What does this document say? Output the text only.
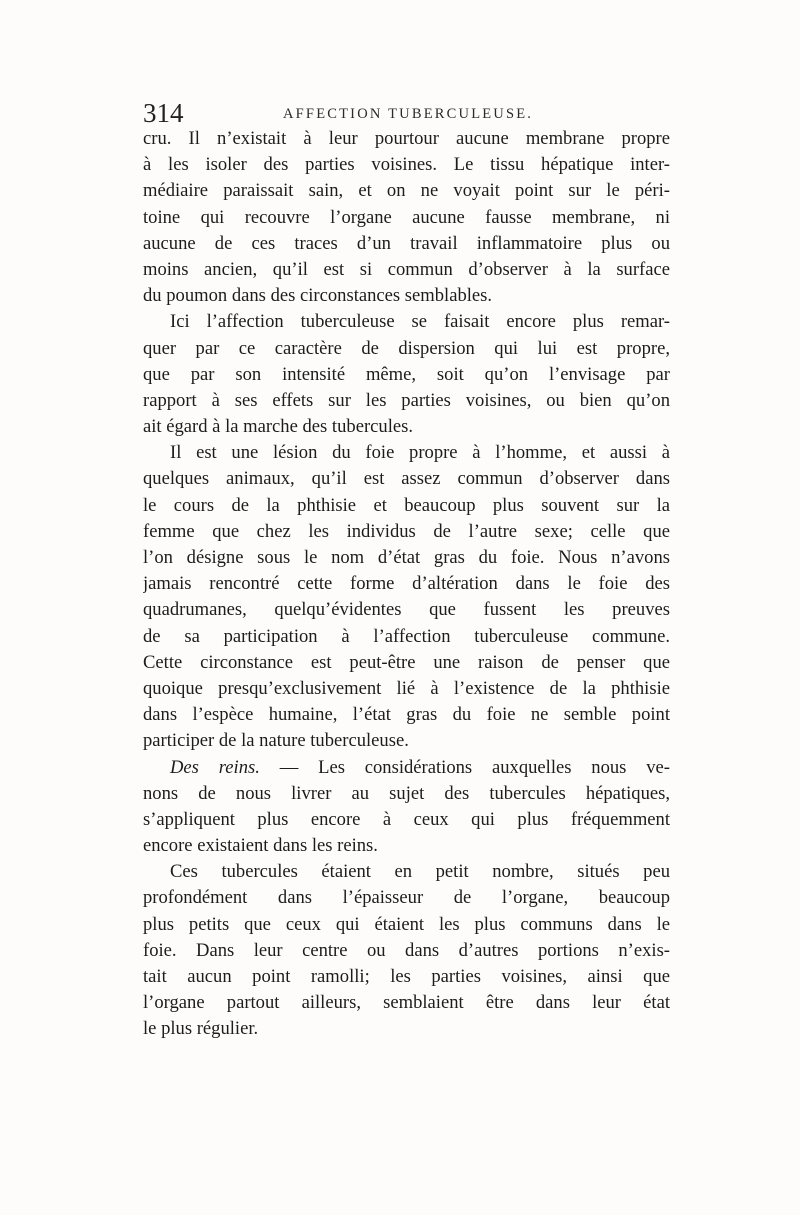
314	AFFECTION TUBERCULEUSE.
cru. Il n’existait à leur pourtour aucune membrane propre
à les isoler des parties voisines. Le tissu hépatique inter-
médiaire paraissait sain, et on ne voyait point sur le péri-
toine qui recouvre l’organe aucune fausse membrane, ni
aucune de ces traces d’un travail inflammatoire plus ou
moins ancien, qu’il est si commun d’observer à la surface
du poumon dans des circonstances semblables.
Ici l’affection tuberculeuse se faisait encore plus remar-
quer par ce caractère de dispersion qui lui est propre,
que par son intensité même, soit qu’on l’envisage par
rapport à ses effets sur les parties voisines, ou bien qu’on
ait égard à la marche des tubercules.
Il est une lésion du foie propre à l’homme, et aussi à
quelques animaux, qu’il est assez commun d’observer dans
le cours de la phthisie et beaucoup plus souvent sur la
femme que chez les individus de l’autre sexe; celle que
l’on désigne sous le nom d’état gras du foie. Nous n’avons
jamais rencontré cette forme d’altération dans le foie des
quadrumanes, quelqu’évidentes que fussent les preuves
de sa participation à l’affection tuberculeuse commune.
Cette circonstance est peut-être une raison de penser que
quoique presqu’exclusivement lié à l’existence de la phthisie
dans l’espèce humaine, l’état gras du foie ne semble point
participer de la nature tuberculeuse.
Des reins. — Les considérations auxquelles nous ve-
nons de nous livrer au sujet des tubercules hépatiques,
s’appliquent plus encore à ceux qui plus fréquemment
encore existaient dans les reins.
Ces tubercules étaient en petit nombre, situés peu
profondément dans l’épaisseur de l’organe, beaucoup
plus petits que ceux qui étaient les plus communs dans le
foie. Dans leur centre ou dans d’autres portions n’exis-
tait aucun point ramolli; les parties voisines, ainsi que
l’organe partout ailleurs, semblaient être dans leur état
le plus régulier.
